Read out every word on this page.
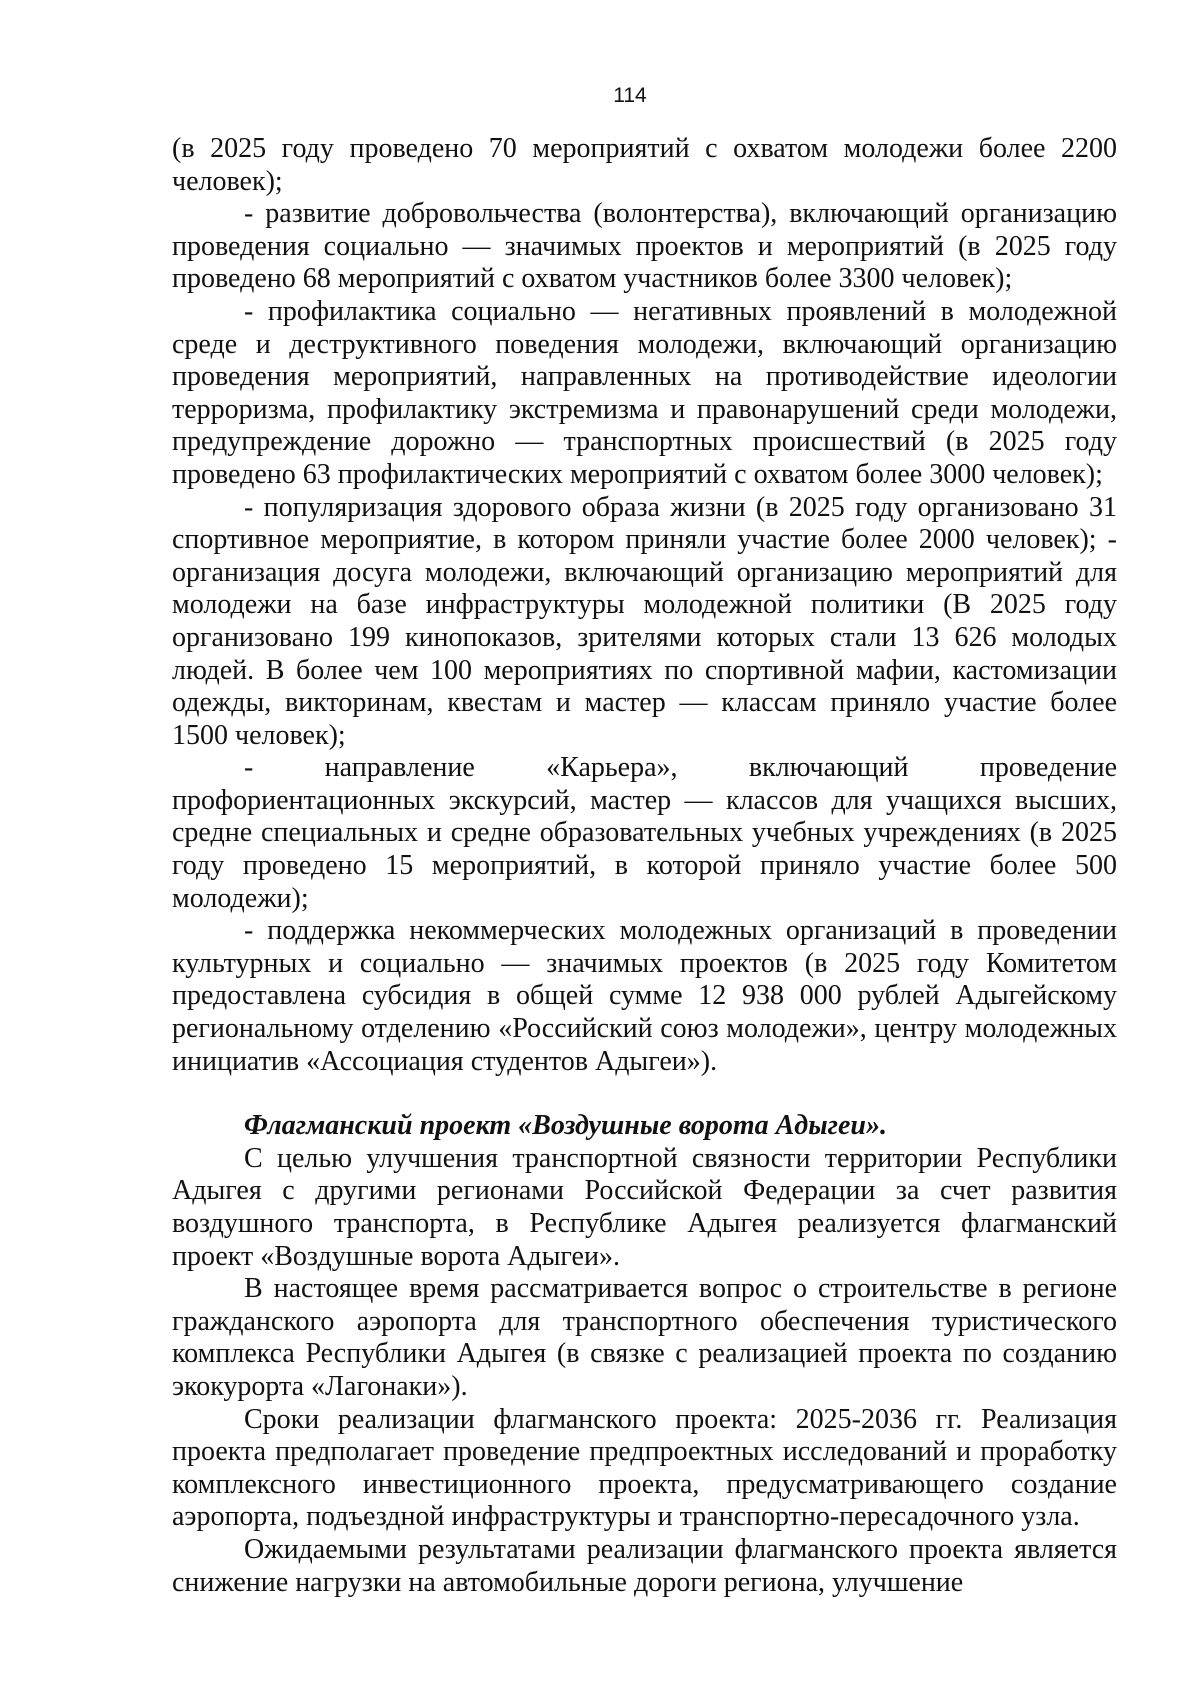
114

(в 2025 году проведено 70 мероприятий с охватом молодежи более 2200 человек);

- развитие добровольчества (волонтерства), включающий организацию проведения социально — значимых проектов и мероприятий (в 2025 году проведено 68 мероприятий с охватом участников более 3300 человек);

- профилактика социально — негативных проявлений в молодежной среде и деструктивного поведения молодежи, включающий организацию проведения мероприятий, направленных на противодействие идеологии терроризма, профилактику экстремизма и правонарушений среди молодежи, предупреждение дорожно — транспортных происшествий (в 2025 году проведено 63 профилактических мероприятий с охватом более 3000 человек);

- популяризация здорового образа жизни (в 2025 году организовано 31 спортивное мероприятие, в котором приняли участие более 2000 человек); - организация досуга молодежи, включающий организацию мероприятий для молодежи на базе инфраструктуры молодежной политики (В 2025 году организовано 199 кинопоказов, зрителями которых стали 13 626 молодых людей. В более чем 100 мероприятиях по спортивной мафии, кастомизации одежды, викторинам, квестам и мастер — классам приняло участие более 1500 человек);

- направление «Карьера», включающий проведение профориентационных экскурсий, мастер — классов для учащихся высших, средне специальных и средне образовательных учебных учреждениях (в 2025 году проведено 15 мероприятий, в которой приняло участие более 500 молодежи);

- поддержка некоммерческих молодежных организаций в проведении культурных и социально — значимых проектов (в 2025 году Комитетом предоставлена субсидия в общей сумме 12 938 000 рублей Адыгейскому региональному отделению «Российский союз молодежи», центру молодежных инициатив «Ассоциация студентов Адыгеи»).

Флагманский проект «Воздушные ворота Адыгеи».

С целью улучшения транспортной связности территории Республики Адыгея с другими регионами Российской Федерации за счет развития воздушного транспорта, в Республике Адыгея реализуется флагманский проект «Воздушные ворота Адыгеи».

В настоящее время рассматривается вопрос о строительстве в регионе гражданского аэропорта для транспортного обеспечения туристического комплекса Республики Адыгея (в связке с реализацией проекта по созданию экокурорта «Лагонаки»).

Сроки реализации флагманского проекта: 2025-2036 гг. Реализация проекта предполагает проведение предпроектных исследований и проработку комплексного инвестиционного проекта, предусматривающего создание аэропорта, подъездной инфраструктуры и транспортно-пересадочного узла.

Ожидаемыми результатами реализации флагманского проекта является снижение нагрузки на автомобильные дороги региона, улучшение
